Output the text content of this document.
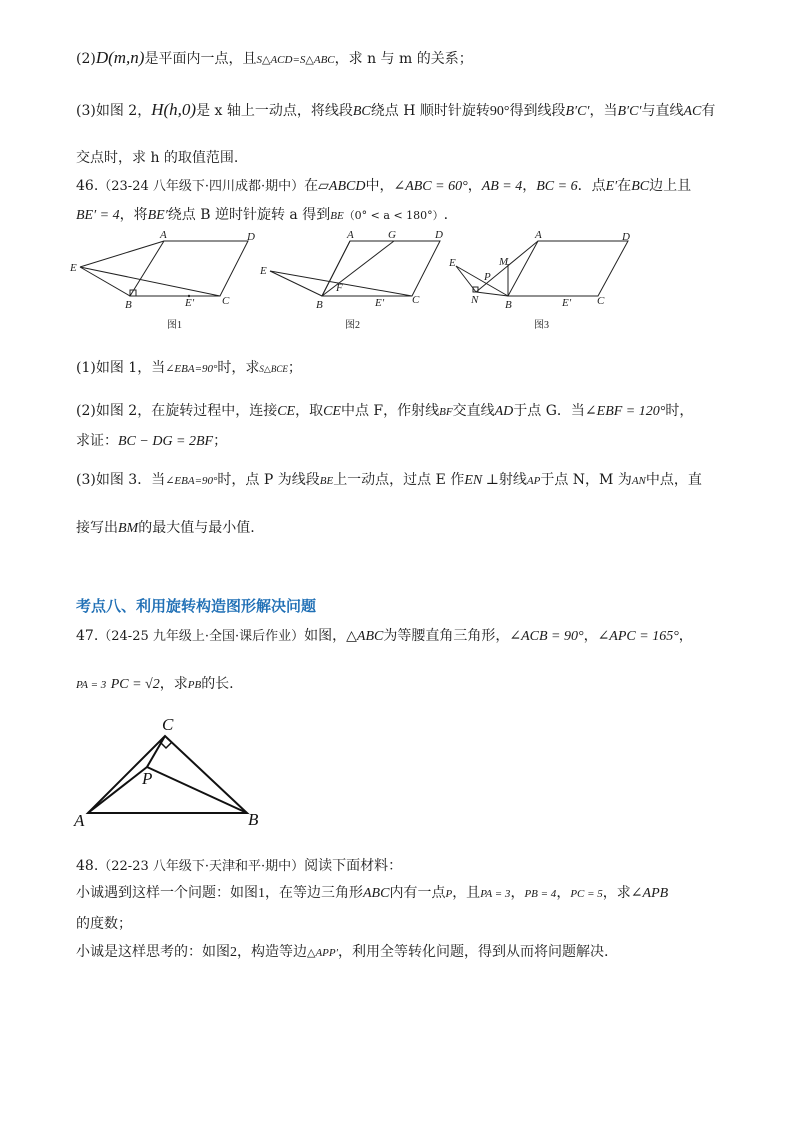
(2)D(m,n)是平面内一点，且S△ACD=S△ABC，求 n 与 m 的关系；
(3)如图 2，H(h,0)是 x 轴上一动点，将线段BC绕点 H 顺时针旋转90°得到线段B′C′，当B′C′与直线AC有
交点时，求 h 的取值范围.
46.（23-24 八年级下·四川成都·期中）在▱ABCD中，∠ABC = 60°，AB = 4，BC = 6．点E′在BC边上且
BE′ = 4，将BE′绕点 B 逆时针旋转 a 得到BE（0° < a < 180°）.
E
A	D
B	C
E′
E
A	G	D
B
F
E′	C
E
P
M
A	D
N B	E′ C
图1	图2	图3
(1)如图 1，当∠EBA=90°时，求S△BCE；
(2)如图 2，在旋转过程中，连接CE，取CE中点 F，作射线BF交直线AD于点 G．当∠EBF = 120°时，
求证：BC − DG = 2BF；
(3)如图 3．当∠EBA=90°时，点 P 为线段BE上一动点，过点 E 作EN ⊥射线AP于点 N，M 为AN中点，直
接写出BM的最大值与最小值.
考点八、利用旋转构造图形解决问题
47.（24-25 九年级上·全国·课后作业）如图，△ABC为等腰直角三角形，∠ACB = 90°，∠APC = 165°，
PA = 3 PC = √2，求PB的长.
C
P
A	B
48.（22-23 八年级下·天津和平·期中）阅读下面材料：
小诚遇到这样一个问题：如图1，在等边三角形ABC内有一点P，且PA = 3，PB = 4，PC = 5，求∠APB
的度数；
小诚是这样思考的：如图2，构造等边△APP′，利用全等转化问题，得到从而将问题解决.
